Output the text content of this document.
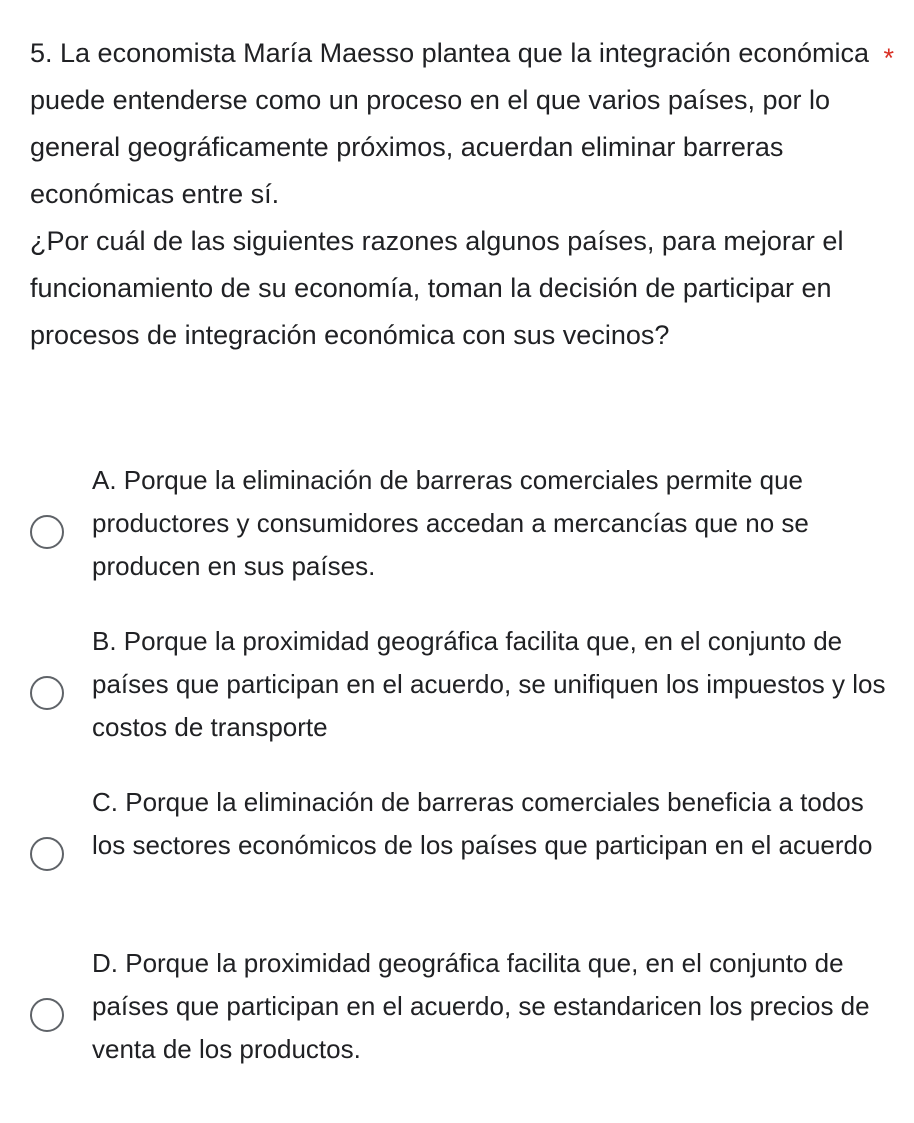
5. La economista María Maesso plantea que la integración económica puede entenderse como un proceso en el que varios países, por lo general geográficamente próximos, acuerdan eliminar barreras económicas entre sí.

*

¿Por cuál de las siguientes razones algunos países, para mejorar el funcionamiento de su economía, toman la decisión de participar en procesos de integración económica con sus vecinos?

A. Porque la eliminación de barreras comerciales permite que productores y consumidores accedan a mercancías que no se producen en sus países.
B. Porque la proximidad geográfica facilita que, en el conjunto de países que participan en el acuerdo, se unifiquen los impuestos y los costos de transporte
C. Porque la eliminación de barreras comerciales beneficia a todos los sectores económicos de los países que participan en el acuerdo
D. Porque la proximidad geográfica facilita que, en el conjunto de países que participan en el acuerdo, se estandaricen los precios de venta de los productos.
